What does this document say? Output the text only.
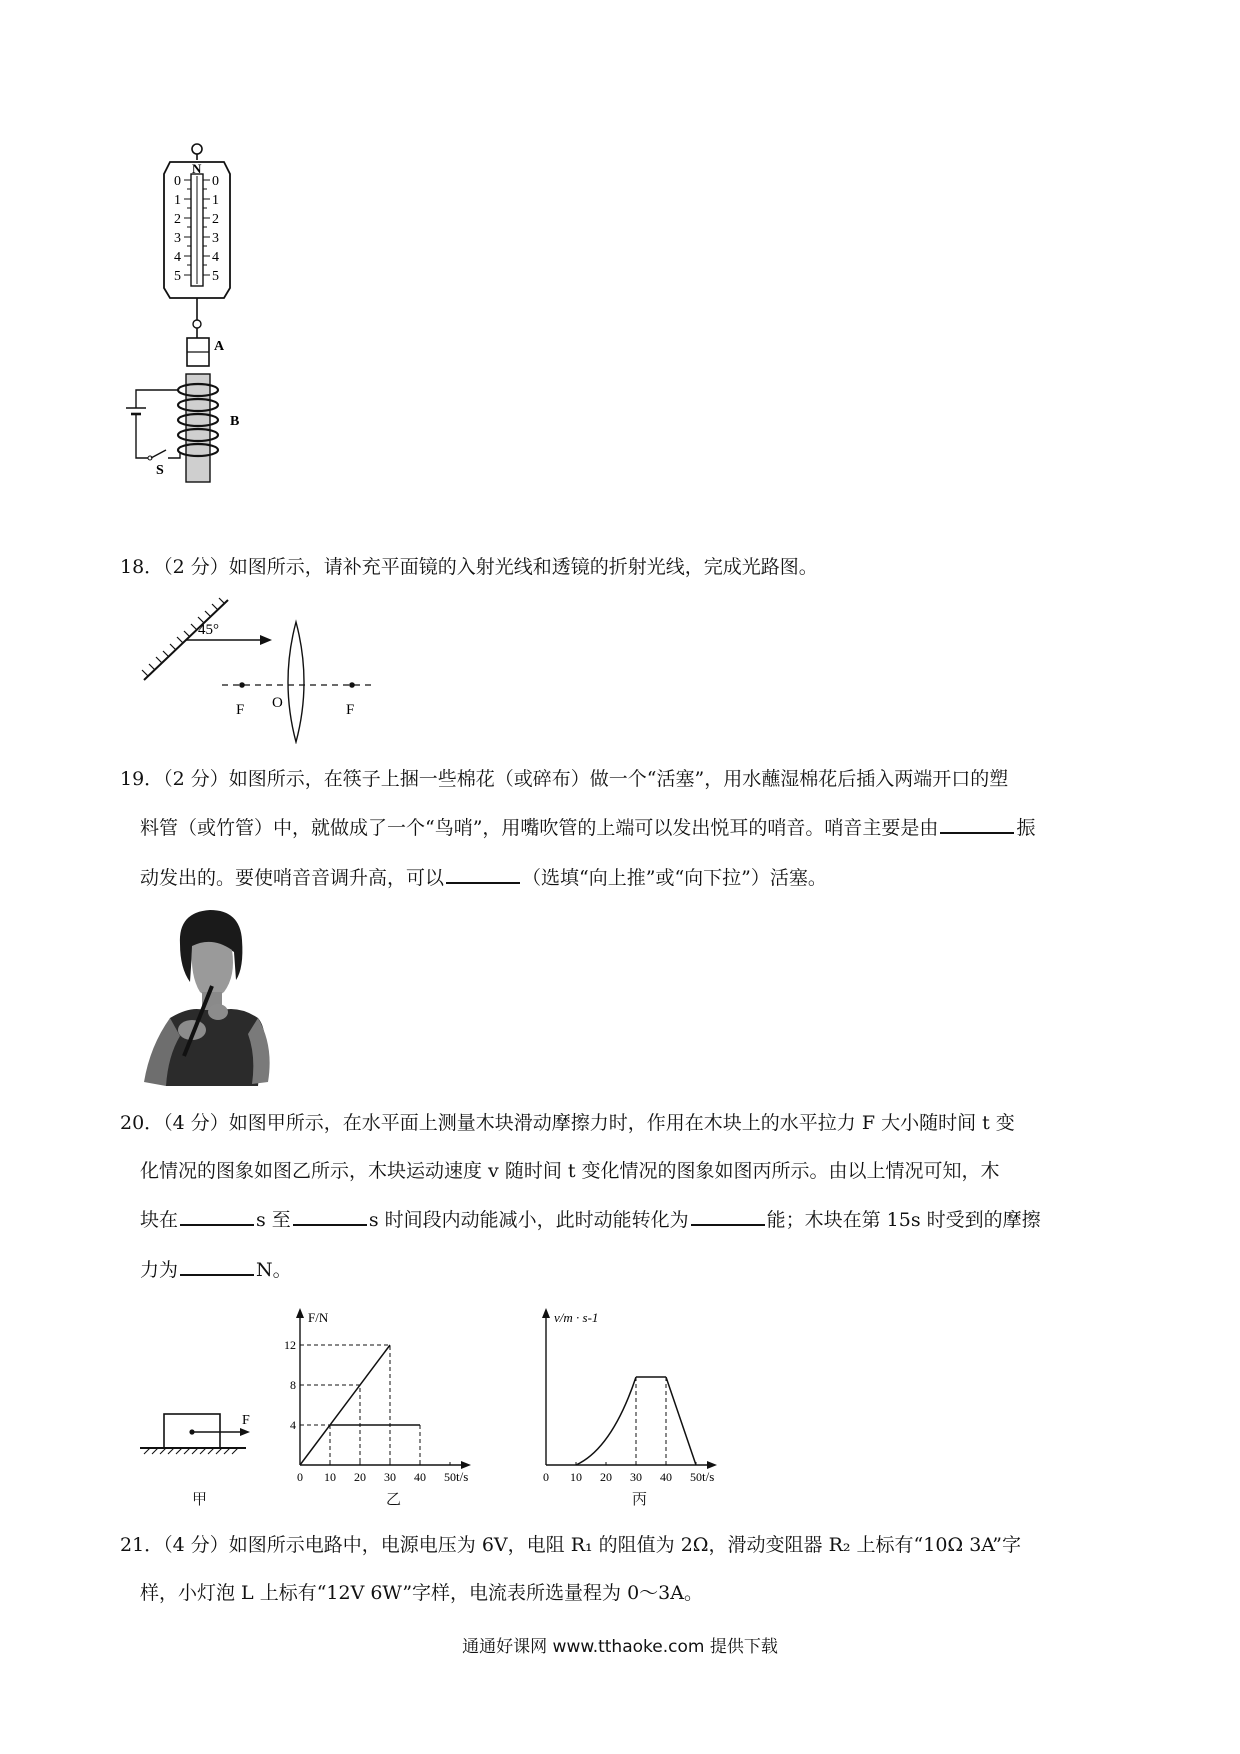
N
0
1
2
3
4
5
0
1
2
3
4
5
A
B
S
18．（2 分）如图所示，请补充平面镜的入射光线和透镜的折射光线，完成光路图。
45°
F O	F
19．（2 分）如图所示，在筷子上捆一些棉花（或碎布）做一个“活塞”，用水蘸湿棉花后插入两端开口的塑
料管（或竹管）中，就做成了一个“鸟哨”，用嘴吹管的上端可以发出悦耳的哨音。哨音主要是由	振
动发出的。要使哨音音调升高，可以	（选填“向上推”或“向下拉”）活塞。
20．（4 分）如图甲所示，在水平面上测量木块滑动摩擦力时，作用在木块上的水平拉力 F 大小随时间 t 变
化情况的图象如图乙所示，木块运动速度 v 随时间 t 变化情况的图象如图丙所示。由以上情况可知，木
块在	s 至	s 时间段内动能减小，此时动能转化为	能；木块在第 15s 时受到的摩擦
力为	N。
F
F/N
t/s
0 10 20 30 40 50
4
8
12
v/m · s-1
t/s
0 10 20 30 40 50
甲	乙	丙
21．（4 分）如图所示电路中，电源电压为 6V，电阻 R₁ 的阻值为 2Ω，滑动变阻器 R₂ 上标有“10Ω 3A”字
样，小灯泡 L 上标有“12V 6W”字样，电流表所选量程为 0～3A。
通通好课网 www.tthaoke.com 提供下载
